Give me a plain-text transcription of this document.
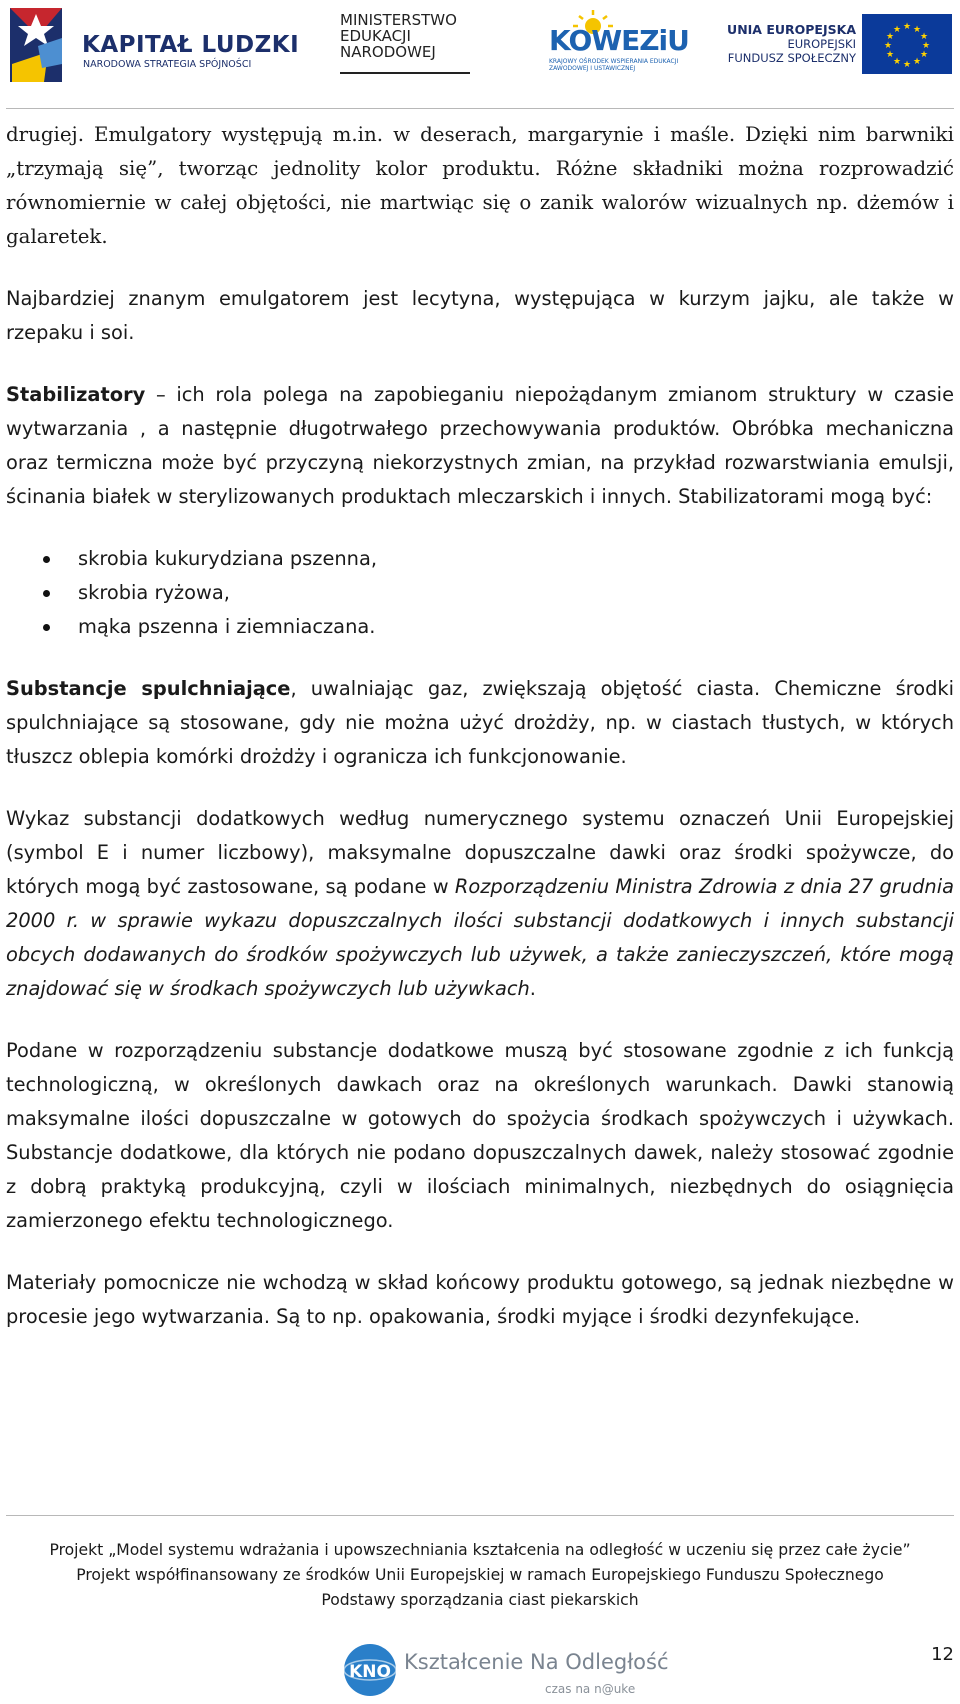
KAPITAŁ LUDZKI
NARODOWA STRATEGIA SPÓJNOŚCI
MINISTERSTWO
EDUKACJI
NARODOWEJ	KOWEZiU
KRAJOWY OŚRODEK WSPIERANIA EDUKACJI ZAWODOWEJ I USTAWICZNEJ
UNIA EUROPEJSKA
EUROPEJSKI
FUNDUSZ SPOŁECZNY
★ ★
★
★
★
★
★
★
★
★
★
★

drugiej. Emulgatory występują m.in. w deserach, margarynie i maśle. Dzięki nim barwniki „trzymają się”, tworząc jednolity kolor produktu. Różne składniki można rozprowadzić równomiernie w całej objętości, nie martwiąc się o zanik walorów wizualnych np. dżemów i galaretek.

Najbardziej znanym emulgatorem jest lecytyna, występująca w kurzym jajku, ale także w rzepaku i soi.

Stabilizatory – ich rola polega na zapobieganiu niepożądanym zmianom struktury w czasie wytwarzania , a następnie długotrwałego przechowywania produktów. Obróbka mechaniczna oraz termiczna może być przyczyną niekorzystnych zmian, na przykład rozwarstwiania emulsji, ścinania białek w sterylizowanych produktach mleczarskich i innych. Stabilizatorami mogą być:

skrobia kukurydziana pszenna,
skrobia ryżowa,
mąka pszenna i ziemniaczana.

Substancje spulchniające, uwalniając gaz, zwiększają objętość ciasta. Chemiczne środki spulchniające są stosowane, gdy nie można użyć drożdży, np. w ciastach tłustych, w których tłuszcz oblepia komórki drożdży i ogranicza ich funkcjonowanie.

Wykaz substancji dodatkowych według numerycznego systemu oznaczeń Unii Europejskiej (symbol E i numer liczbowy), maksymalne dopuszczalne dawki oraz środki spożywcze, do których mogą być zastosowane, są podane w Rozporządzeniu Ministra Zdrowia z dnia 27 grudnia 2000 r. w sprawie wykazu dopuszczalnych ilości substancji dodatkowych i innych substancji obcych dodawanych do środków spożywczych lub używek, a także zanieczyszczeń, które mogą znajdować się w środkach spożywczych lub używkach.

Podane w rozporządzeniu substancje dodatkowe muszą być stosowane zgodnie z ich funkcją technologiczną, w określonych dawkach oraz na określonych warunkach. Dawki stanowią maksymalne ilości dopuszczalne w gotowych do spożycia środkach spożywczych i używkach. Substancje dodatkowe, dla których nie podano dopuszczalnych dawek, należy stosować zgodnie z dobrą praktyką produkcyjną, czyli w ilościach minimalnych, niezbędnych do osiągnięcia zamierzonego efektu technologicznego.

Materiały pomocnicze nie wchodzą w skład końcowy produktu gotowego, są jednak niezbędne w procesie jego wytwarzania. Są to np. opakowania, środki myjące i środki dezynfekujące.

Projekt „Model systemu wdrażania i upowszechniania kształcenia na odległość w uczeniu się przez całe życie”
Projekt współfinansowany ze środków Unii Europejskiej w ramach Europejskiego Funduszu Społecznego
Podstawy sporządzania ciast piekarskich
12
KNO Kształcenie Na Odległość
czas na n@uke
